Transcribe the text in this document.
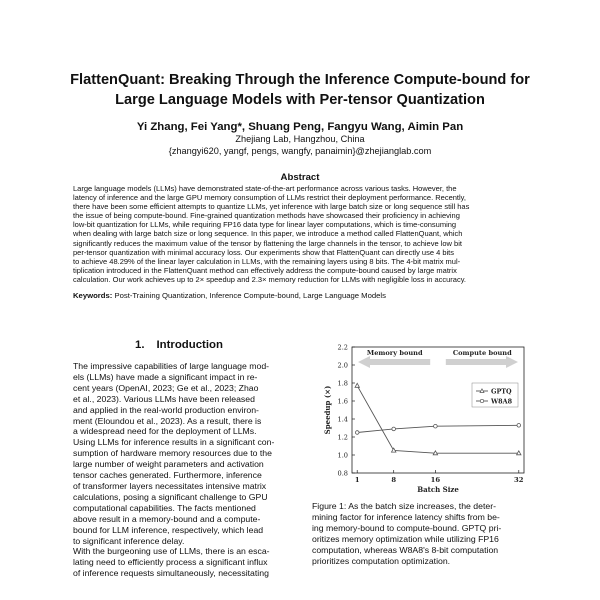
FlattenQuant: Breaking Through the Inference Compute-bound for
Large Language Models with Per-tensor Quantization
Yi Zhang, Fei Yang*, Shuang Peng, Fangyu Wang, Aimin Pan
Zhejiang Lab, Hangzhou, China
{zhangyi620, yangf, pengs, wangfy, panaimin}@zhejianglab.com
Abstract
Large language models (LLMs) have demonstrated state-of-the-art performance across various tasks. However, the
latency of inference and the large GPU memory consumption of LLMs restrict their deployment performance. Recently,
there have been some efficient attempts to quantize LLMs, yet inference with large batch size or long sequence still has
the issue of being compute-bound. Fine-grained quantization methods have showcased their proficiency in achieving
low-bit quantization for LLMs, while requiring FP16 data type for linear layer computations, which is time-consuming
when dealing with large batch size or long sequence. In this paper, we introduce a method called FlattenQuant, which
significantly reduces the maximum value of the tensor by flattening the large channels in the tensor, to achieve low bit
per-tensor quantization with minimal accuracy loss. Our experiments show that FlattenQuant can directly use 4 bits
to achieve 48.29% of the linear layer calculation in LLMs, with the remaining layers using 8 bits. The 4-bit matrix mul-
tiplication introduced in the FlattenQuant method can effectively address the compute-bound caused by large matrix
calculation. Our work achieves up to 2× speedup and 2.3× memory reduction for LLMs with negligible loss in accuracy.
Keywords: Post-Training Quantization, Inference Compute-bound, Large Language Models
1. Introduction
The impressive capabilities of large language mod-
els (LLMs) have made a significant impact in re-
cent years (OpenAI, 2023; Ge et al., 2023; Zhao
et al., 2023). Various LLMs have been released
and applied in the real-world production environ-
ment (Eloundou et al., 2023). As a result, there is
a widespread need for the deployment of LLMs.
Using LLMs for inference results in a significant con-
sumption of hardware memory resources due to the
large number of weight parameters and activation
tensor caches generated. Furthermore, inference
of transformer layers necessitates intensive matrix
calculations, posing a significant challenge to GPU
computational capabilities. The facts mentioned
above result in a memory-bound and a compute-
bound for LLM inference, respectively, which lead
to significant inference delay.
With the burgeoning use of LLMs, there is an esca-
lating need to efficiently process a significant influx
of inference requests simultaneously, necessitating
0.8
1.0
1.2
1.4
1.6
1.8
2.0
2.2
1	8	16	32
Batch Size
Speedup (×)
Memory bound	Compute bound
GPTQ
W8A8
Figure 1: As the batch size increases, the deter-
mining factor for inference latency shifts from be-
ing memory-bound to compute-bound. GPTQ pri-
oritizes memory optimization while utilizing FP16
computation, whereas W8A8's 8-bit computation
prioritizes computation optimization.
